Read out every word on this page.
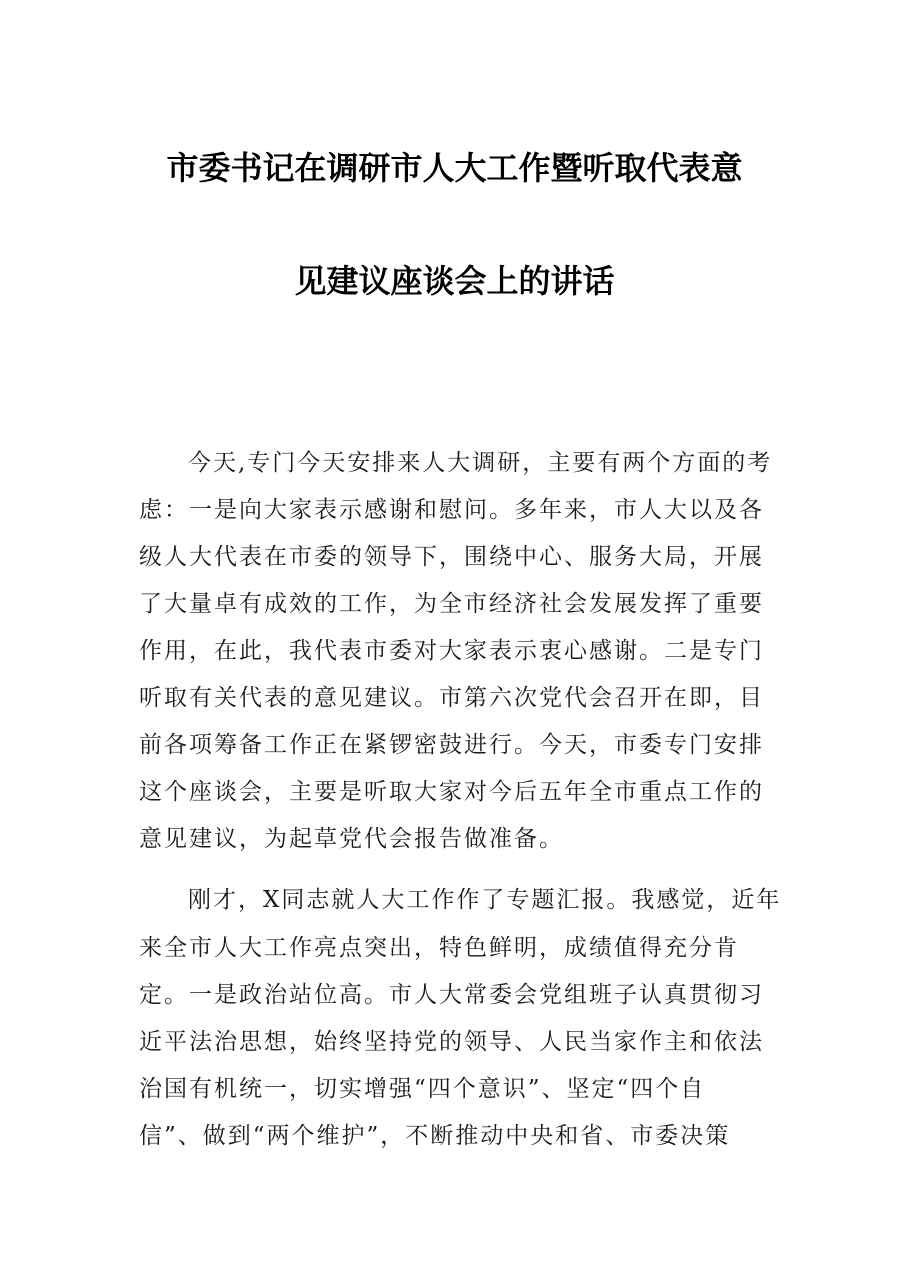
市委书记在调研市人大工作暨听取代表意
见建议座谈会上的讲话
今天,专门今天安排来人大调研，主要有两个方面的考
虑：一是向大家表示感谢和慰问。多年来，市人大以及各
级人大代表在市委的领导下，围绕中心、服务大局，开展
了大量卓有成效的工作，为全市经济社会发展发挥了重要
作用，在此，我代表市委对大家表示衷心感谢。二是专门
听取有关代表的意见建议。市第六次党代会召开在即，目
前各项筹备工作正在紧锣密鼓进行。今天，市委专门安排
这个座谈会，主要是听取大家对今后五年全市重点工作的
意见建议，为起草党代会报告做准备。
刚才，X同志就人大工作作了专题汇报。我感觉，近年
来全市人大工作亮点突出，特色鲜明，成绩值得充分肯
定。一是政治站位高。市人大常委会党组班子认真贯彻习
近平法治思想，始终坚持党的领导、人民当家作主和依法
治国有机统一，切实增强“四个意识”、坚定“四个自
信”、做到“两个维护”，不断推动中央和省、市委决策
